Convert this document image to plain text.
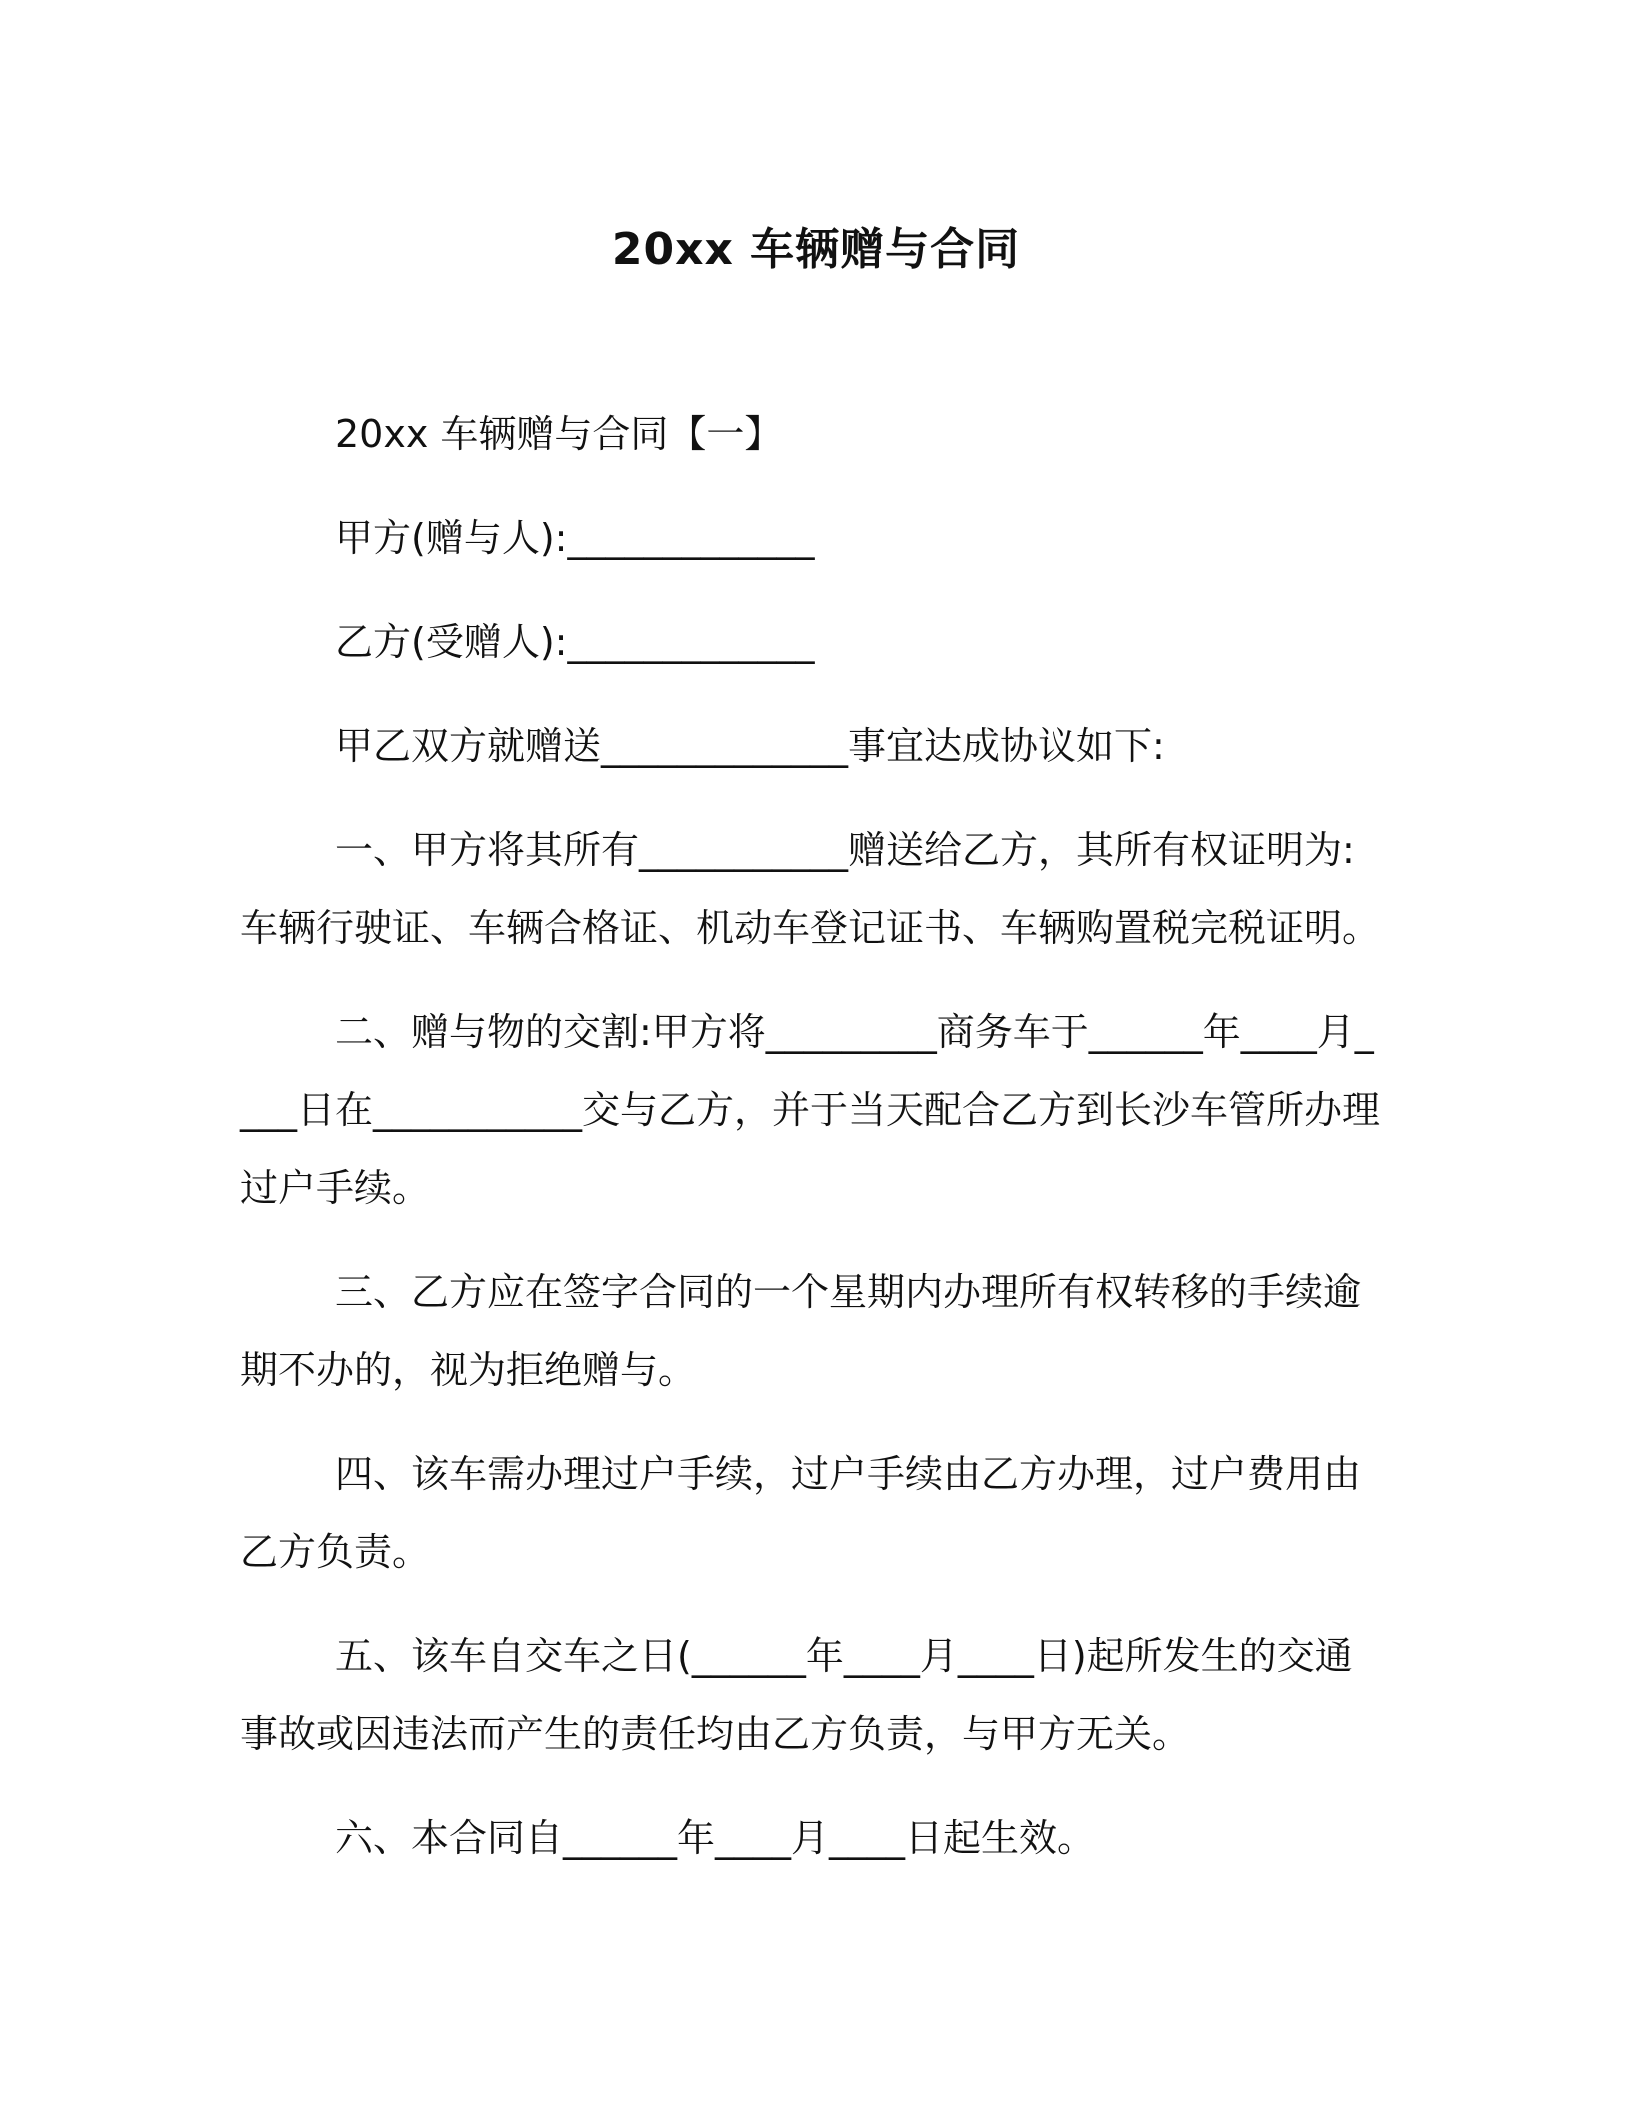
20xx 车辆赠与合同

20xx 车辆赠与合同【一】

甲方(赠与人):_____________

乙方(受赠人):_____________

甲乙双方就赠送_____________事宜达成协议如下:

一、甲方将其所有___________赠送给乙方，其所有权证明为:车辆行驶证、车辆合格证、机动车登记证书、车辆购置税完税证明。

二、赠与物的交割:甲方将_________商务车于______年____月____日在___________交与乙方，并于当天配合乙方到长沙车管所办理过户手续。

三、乙方应在签字合同的一个星期内办理所有权转移的手续逾期不办的，视为拒绝赠与。

四、该车需办理过户手续，过户手续由乙方办理，过户费用由乙方负责。

五、该车自交车之日(______年____月____日)起所发生的交通事故或因违法而产生的责任均由乙方负责，与甲方无关。

六、本合同自______年____月____日起生效。
